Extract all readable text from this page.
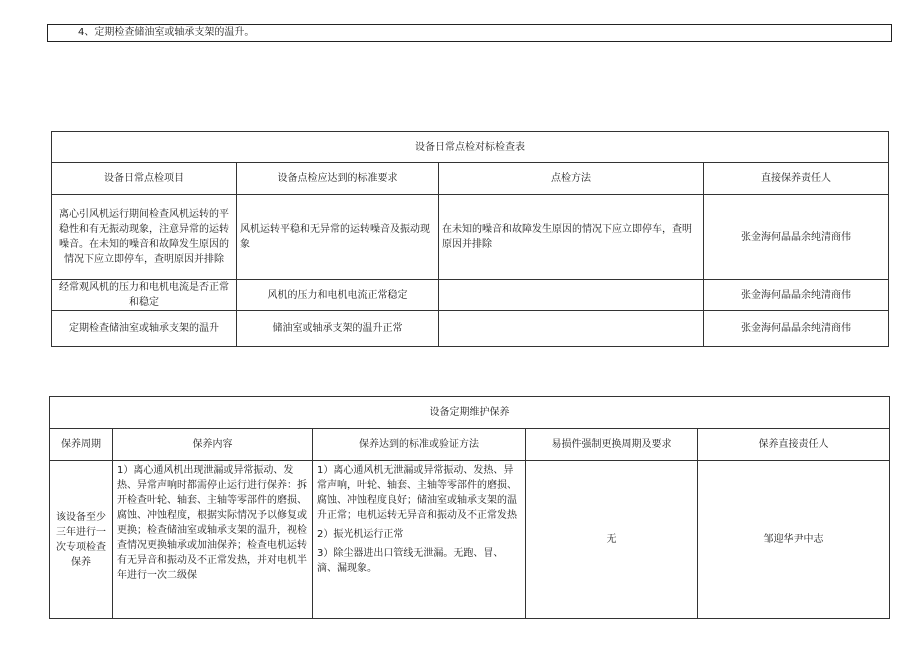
4、定期检查储油室或轴承支架的温升。
设备日常点检对标检查表			
设备日常点检项目	设备点检应达到的标准要求	点检方法	直接保养责任人
离心引风机运行期间检查风机运转的平稳性和有无振动现象，注意异常的运转噪音。在未知的噪音和故障发生原因的情况下应立即停车，查明原因并排除	风机运转平稳和无异常的运转噪音及振动现象	在未知的噪音和故障发生原因的情况下应立即停车，查明原因并排除	张金海何晶晶余纯清商伟
经常观风机的压力和电机电流是否正常和稳定	风机的压力和电机电流正常稳定		张金海何晶晶余纯清商伟
定期检查储油室或轴承支架的温升	储油室或轴承支架的温升正常		张金海何晶晶余纯清商伟
设备定期维护保养				
保养周期	保养内容	保养达到的标准或验证方法	易损件强制更换周期及要求	保养直接责任人
该设备至少三年进行一次专项检查保养	1）离心通风机出现泄漏或异常振动、发热、异常声响时都需停止运行进行保养：拆开检查叶轮、轴套、主轴等零部件的磨损、腐蚀、冲蚀程度，根据实际情况予以修复或更换；检查储油室或轴承支架的温升，视检查情况更换轴承或加油保养；检查电机运转有无异音和振动及不正常发热，并对电机半年进行一次二级保	1）离心通风机无泄漏或异常振动、发热、异常声响，叶轮、轴套、主轴等零部件的磨损、腐蚀、冲蚀程度良好；储油室或轴承支架的温升正常；电机运转无异音和振动及不正常发热

2）振光机运行正常

3）除尘器进出口管线无泄漏。无跑、冒、滴、漏现象。	无	邹迎华尹中志
